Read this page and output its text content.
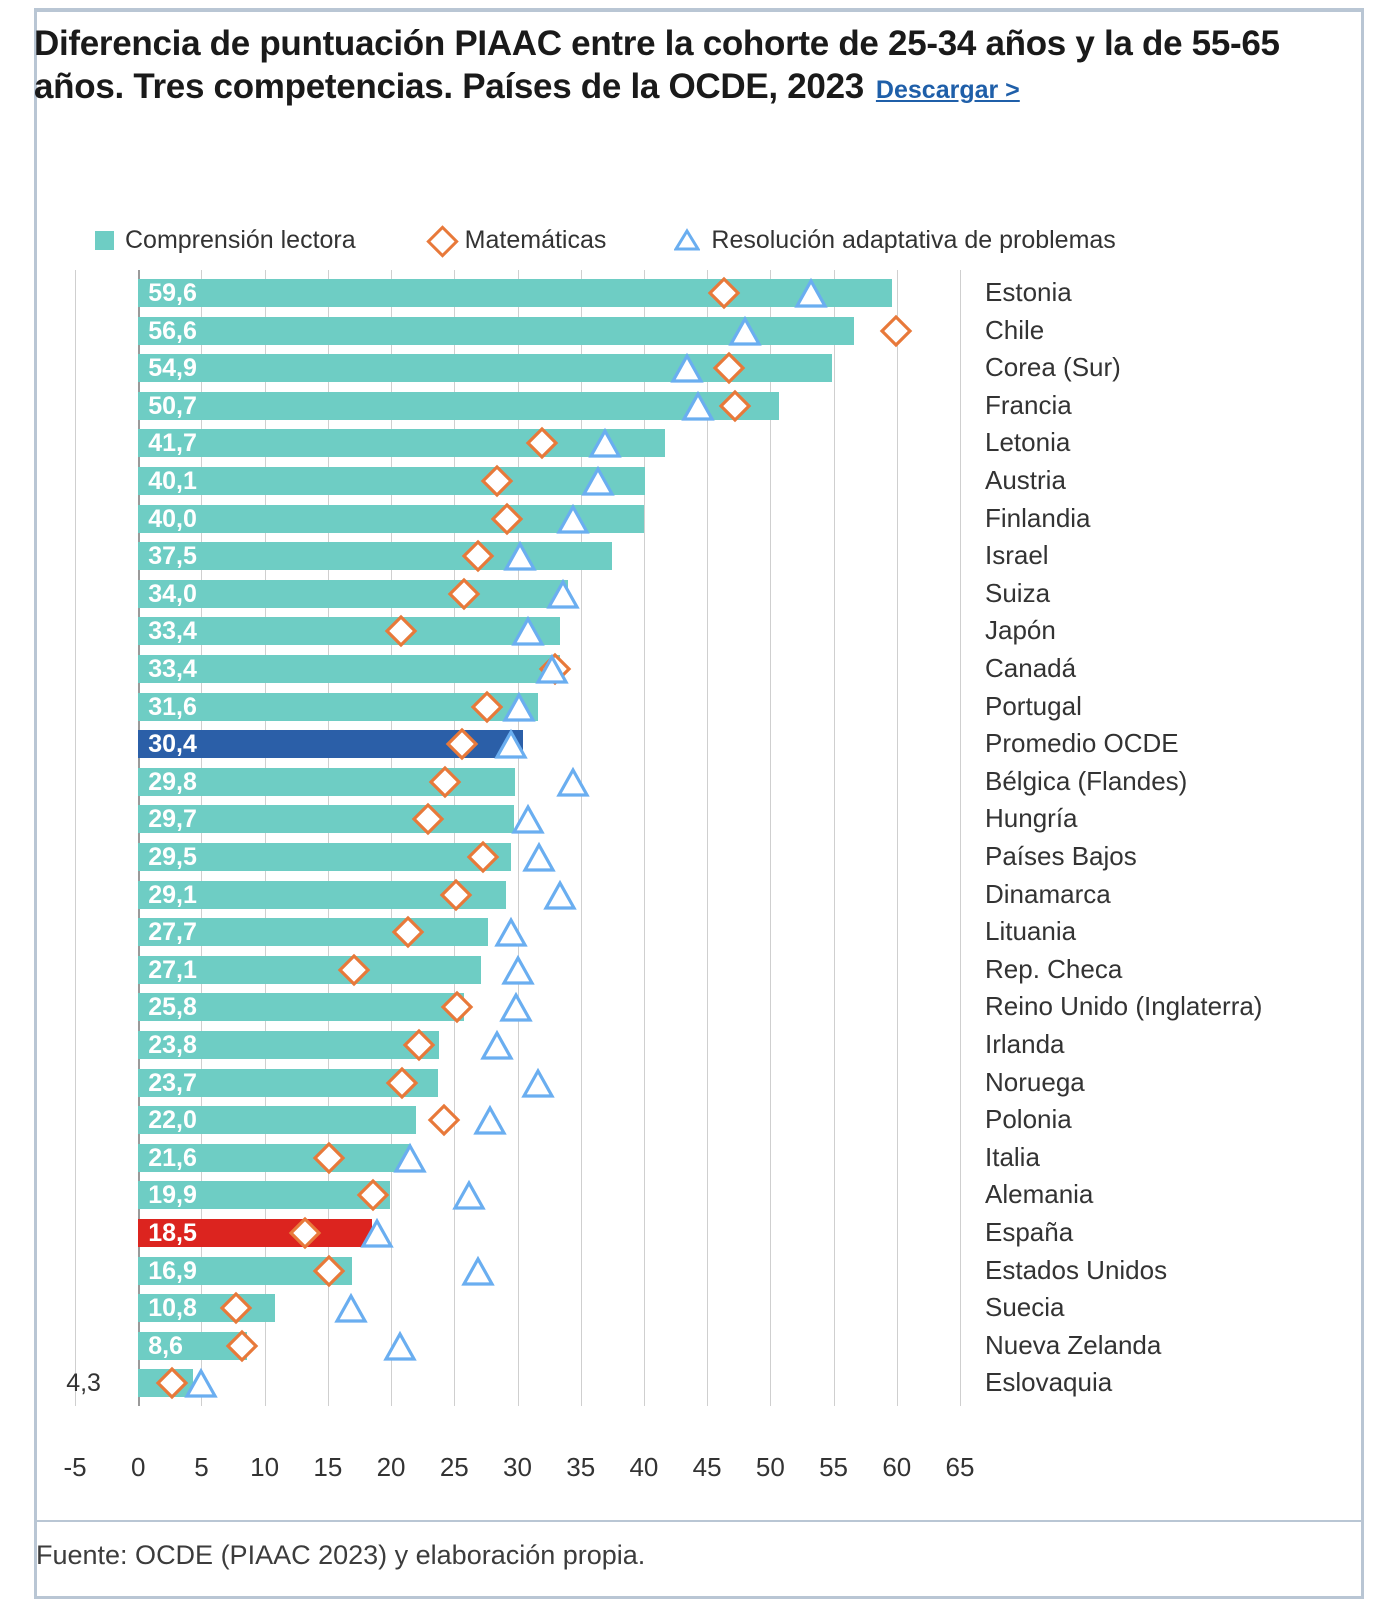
Diferencia de puntuación PIAAC entre la cohorte de 25-34 años y la de 55-65 años. Tres competencias. Países de la OCDE, 2023 Descargar >
Comprensión lectora	Matemáticas	Resolución adaptativa de problemas
59,6
56,6
54,9
50,7
41,7
40,1
40,0
37,5
34,0
33,4
33,4
31,6
30,4
29,8
29,7
29,5
29,1
27,7
27,1
25,8
23,8
23,7
22,0
21,6
19,9
18,5
16,9
10,8
8,6
4,3
Estonia
Chile
Corea (Sur)
Francia
Letonia
Austria
Finlandia
Israel
Suiza
Japón
Canadá
Portugal
Promedio OCDE
Bélgica (Flandes)
Hungría
Países Bajos
Dinamarca
Lituania
Rep. Checa
Reino Unido (Inglaterra)
Irlanda
Noruega
Polonia
Italia
Alemania
España
Estados Unidos
Suecia
Nueva Zelanda
Eslovaquia
-5 0 5 10 15 20 25 30 35 40 45 50 55 60 65
Fuente: OCDE (PIAAC 2023) y elaboración propia.
